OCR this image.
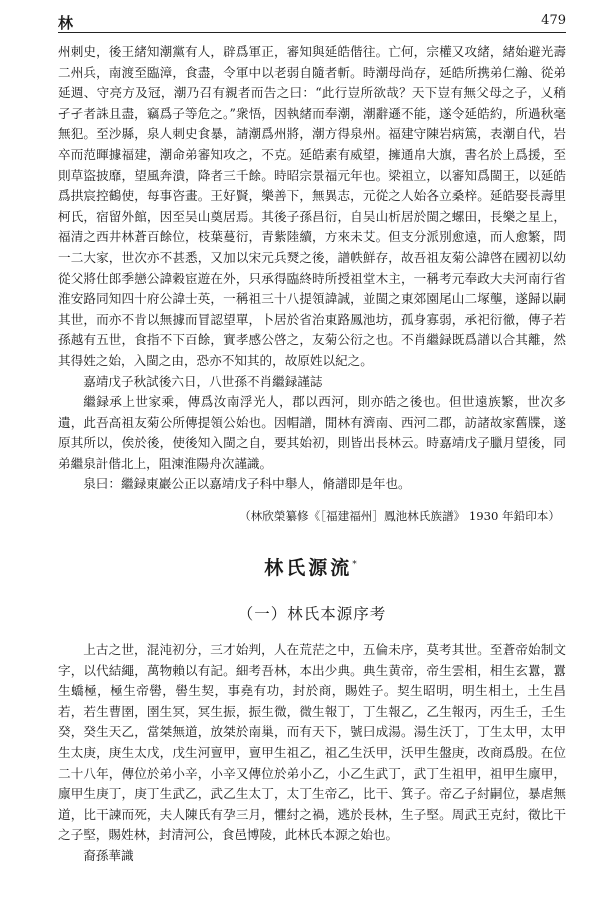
林	479

州刺史，後王緒知潮黨有人，辟爲軍正，審知與延皓偕往。亡何，宗權又攻緒，緒始避光壽二州兵，南渡至臨漳，食盡，令軍中以老弱自隨者斬。時潮母尚存，延皓所携弟仁瀚、從弟延週、守亮方及冠，潮乃召有親者而告之曰：“此行豈所欲哉？天下豈有無父母之子，乂稍孑孑者誅且盡，竊爲子等危之。”衆悟，因執緒而奉潮，潮辭遜不能，遂令延皓約，所過秋毫無犯。至沙縣，泉人刺史食暴，請潮爲州將，潮方得泉州。福建守陳岩病篤，表潮自代，岩卒而范暉據福建，潮命弟審知攻之，不克。延皓素有威望，擁通帛大旗，書名於上爲援，至則草盜披靡，望風奔潰，降者三千餘。時昭宗景福元年也。梁祖立，以審知爲閩王，以延皓爲拱宸控鶴使，每事咨畫。王好賢，樂善下，無異志，元從之人始各立桑梓。延皓娶長壽里柯氏，宿留外館，因至吴山奠居焉。其後子孫昌衍，自吴山析居於閩之螺田，長樂之星上，福清之西井林蒼百餘位，枝葉蔓衍，青紫陸續，方來未艾。但支分派別愈遠，而人愈繁，問一二大家，世次亦不甚悉，又加以宋元兵燹之後，譜帙鮮存，故吾祖友菊公諱啓在國初以幼從父將仕郎季戀公諱穀宦遊在外，只承得臨終時所授祖堂木主，一稱考元奉政大夫河南行省淮安路同知四十府公諱士英，一稱祖三十八提領諱誠，並閩之東郊園尾山二塚壟，遂歸以嗣其世，而亦不肯以無據而冒認望單，卜居於省治東路鳳池坊，孤身寡弱，承祀衍徹，傳子若孫越有五世，食指不下百餘，實孝感公啓之，友菊公衍之也。不肖繼録既爲譜以合其離，然其得姓之始，入閩之由，恐亦不知其的，故原姓以紀之。

嘉靖戊子秋試後六日，八世孫不肖繼録謹誌

繼録承上世家乘，傳爲汝南浮光人，郡以西河，則亦皓之後也。但世遠族繁，世次多遺，此吾高祖友菊公所傳提領公始也。因帽譜，閒林有濟南、西河二郡，訪諸故家舊牒，遂原其所以，俟於後，使後知入閩之自，要其始初，則皆出長林云。時嘉靖戊子臘月望後，同弟繼泉計偕北上，阻涷淮陽舟次謹識。

泉曰：繼録東巖公正以嘉靖戊子科中舉人，脩譜即是年也。

（林欣榮纂修《［福建福州］鳳池林氏族譜》 1930 年鉛印本）
林氏源流*
（一）林氏本源序考

上古之世，混沌初分，三才始判，人在荒茫之中，五倫未序，莫考其世。至蒼帝始制文字，以代結繩，萬物賴以有記。細考吾林，本出少典。典生黄帝，帝生雲相，相生玄囂，囂生蟜極，極生帝嚳，嚳生契，事堯有功，封於商，賜姓子。契生昭明，明生相土，土生昌若，若生曹圉，圉生冥，冥生振，振生微，微生報丁，丁生報乙，乙生報丙，丙生壬，壬生癸，癸生天乙，當桀無道，放桀於南巢，而有天下，號曰成湯。湯生沃丁，丁生太甲，太甲生太庚，庚生太戊，戊生河亶甲，亶甲生祖乙，祖乙生沃甲，沃甲生盤庚，改商爲殷。在位二十八年，傳位於弟小辛，小辛又傳位於弟小乙，小乙生武丁，武丁生祖甲，祖甲生廪甲，廪甲生庚丁，庚丁生武乙，武乙生太丁，太丁生帝乙，比干、箕子。帝乙子紂嗣位，暴虐無道，比干諫而死，夫人陳氏有孕三月，懼紂之禍，逃於長林，生子堅。周武王克紂，徵比干之子堅，賜姓林，封清河公，食邑博陵，此林氏本源之始也。

裔孫華識
